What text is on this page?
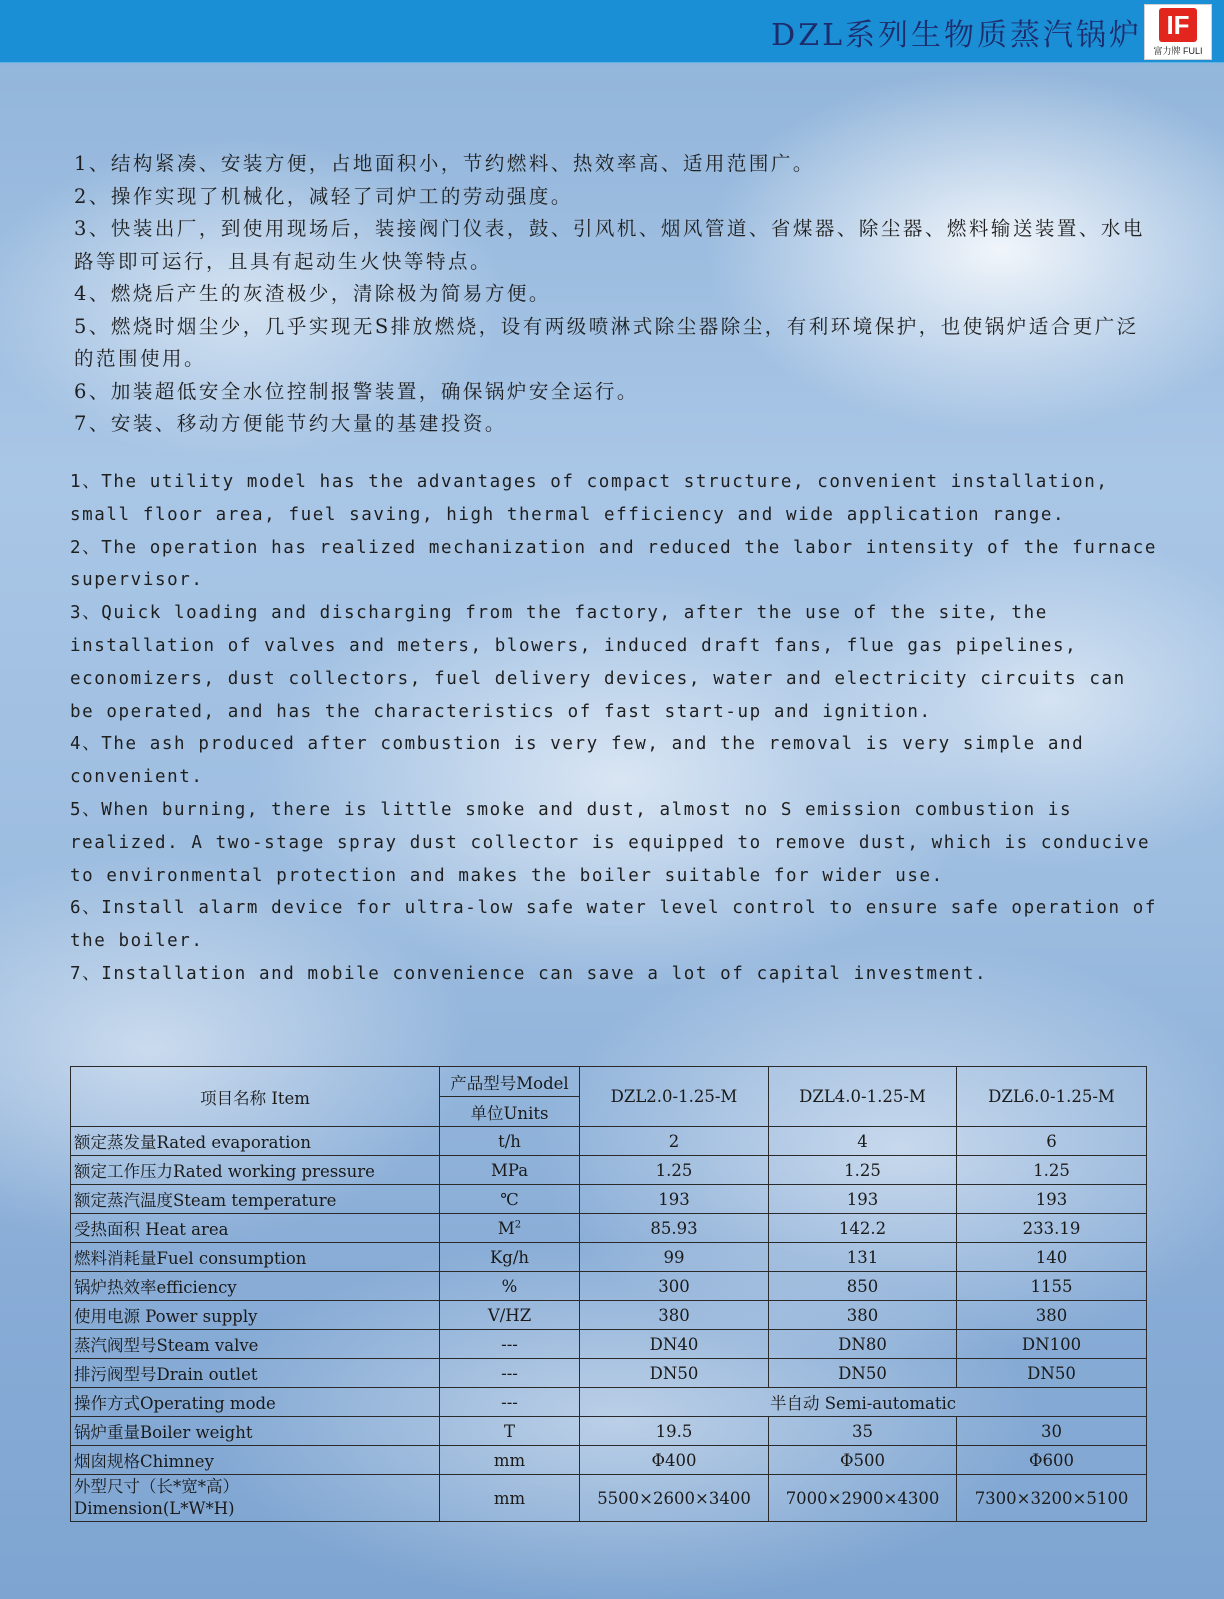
DZL系列生物质蒸汽锅炉 IF
富力牌 FULI

1、结构紧凑、安装方便，占地面积小，节约燃料、热效率高、适用范围广。

2、操作实现了机械化，减轻了司炉工的劳动强度。

3、快装出厂，到使用现场后，装接阀门仪表，鼓、引风机、烟风管道、省煤器、除尘器、燃料输送装置、水电路等即可运行，且具有起动生火快等特点。

4、燃烧后产生的灰渣极少，清除极为简易方便。

5、燃烧时烟尘少，几乎实现无S排放燃烧，设有两级喷淋式除尘器除尘，有利环境保护，也使锅炉适合更广泛的范围使用。

6、加装超低安全水位控制报警装置，确保锅炉安全运行。

7、安装、移动方便能节约大量的基建投资。

1、The utility model has the advantages of compact structure, convenient installation, small floor area, fuel saving, high thermal efficiency and wide application range.

2、The operation has realized mechanization and reduced the labor intensity of the furnace supervisor.

3、Quick loading and discharging from the factory, after the use of the site, the installation of valves and meters, blowers, induced draft fans, flue gas pipelines, economizers, dust collectors, fuel delivery devices, water and electricity circuits can be operated, and has the characteristics of fast start-up and ignition.

4、The ash produced after combustion is very few, and the removal is very simple and convenient.

5、When burning, there is little smoke and dust, almost no S emission combustion is realized. A two-stage spray dust collector is equipped to remove dust, which is conducive to environmental protection and makes the boiler suitable for wider use.

6、Install alarm device for ultra-low safe water level control to ensure safe operation of the boiler.

7、Installation and mobile convenience can save a lot of capital investment.

项目名称 Item	产品型号Model	DZL2.0-1.25-M	DZL4.0-1.25-M	DZL6.0-1.25-M
	单位Units			
额定蒸发量Rated evaporation	t/h	2	4	6
额定工作压力Rated working pressure	MPa	1.25	1.25	1.25
额定蒸汽温度Steam temperature	℃	193	193	193
受热面积 Heat area	$M^2$	85.93	142.2	233.19
燃料消耗量Fuel consumption	Kg/h	99	131	140
锅炉热效率efficiency	%	300	850	1155
使用电源 Power supply	V/HZ	380	380	380
蒸汽阀型号Steam valve	---	DN40	DN80	DN100
排污阀型号Drain outlet	---	DN50	DN50	DN50
操作方式Operating mode	---	半自动 Semi-automatic		
锅炉重量Boiler weight	T	19.5	35	30
烟囱规格Chimney	mm	Φ400	Φ500	Φ600

外型尺寸（长*宽*高）
Dimension(L*W*H)	mm	5500×2600×3400	7000×2900×4300	7300×3200×5100
